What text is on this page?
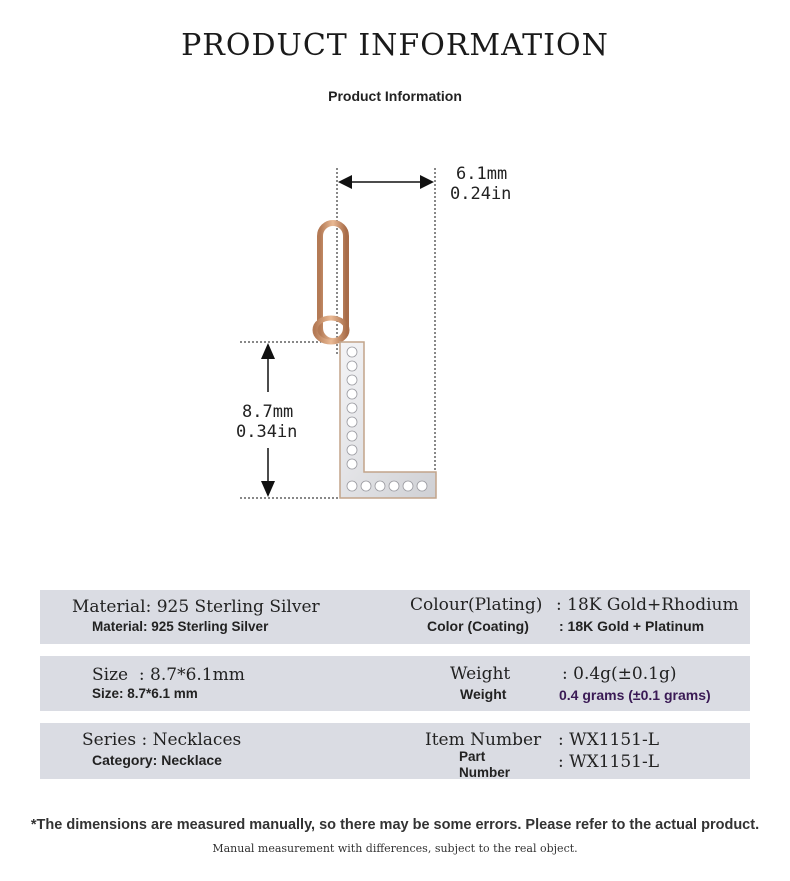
PRODUCT INFORMATION
Product Information
6.1mm
0.24in
8.7mm
0.34in
Material: 925 Sterling Silver
Material: 925 Sterling Silver
Colour(Plating) : 18K Gold+Rhodium
Color (Coating) : 18K Gold + Platinum
Size  : 8.7*6.1mm
Size: 8.7*6.1 mm
Weight	: 0.4g(±0.1g)
Weight	0.4 grams (±0.1 grams)
Series : Necklaces
Category: Necklace
Item Number : WX1151-L
Part
Number
: WX1151-L
*The dimensions are measured manually, so there may be some errors. Please refer to the actual product.
Manual measurement with differences, subject to the real object.
